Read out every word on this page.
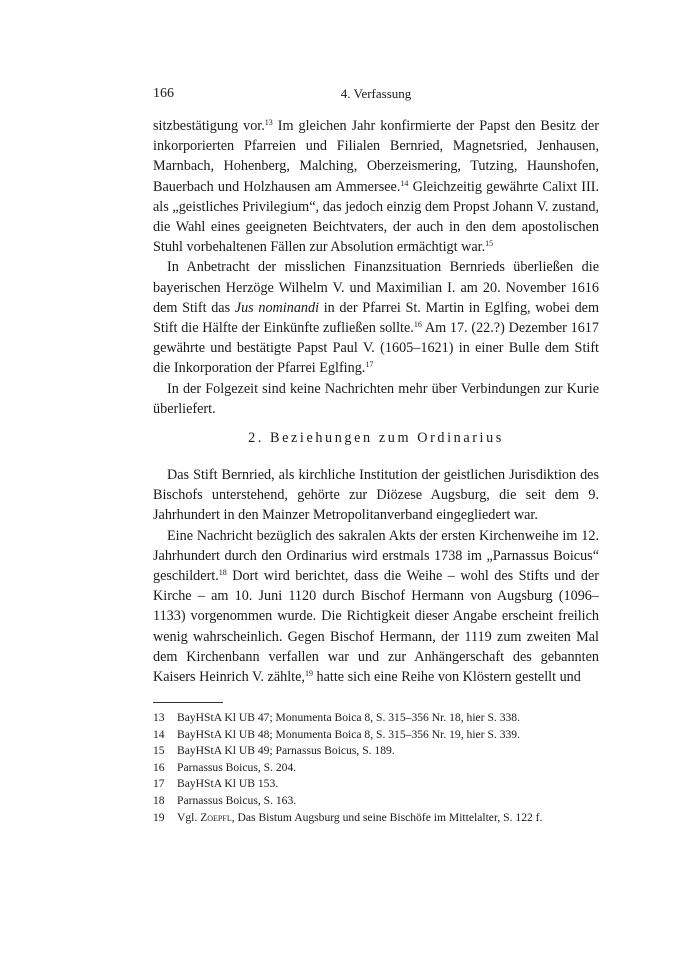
166	4. Verfassung

sitzbestätigung vor.$^{13}$ Im gleichen Jahr konfirmierte der Papst den Besitz der inkorporierten Pfarreien und Filialen Bernried, Magnetsried, Jenhausen, Marnbach, Hohenberg, Malching, Oberzeismering, Tutzing, Haunshofen, Bauerbach und Holzhausen am Ammersee.$^{14}$ Gleichzeitig gewährte Calixt III. als „geistliches Privilegium“, das jedoch einzig dem Propst Johann V. zustand, die Wahl eines geeigneten Beichtvaters, der auch in den dem apostolischen Stuhl vorbehaltenen Fällen zur Absolution ermächtigt war.$^{15}$

In Anbetracht der misslichen Finanzsituation Bernrieds überließen die bayerischen Herzöge Wilhelm V. und Maximilian I. am 20. November 1616 dem Stift das Jus nominandi in der Pfarrei St. Martin in Eglfing, wobei dem Stift die Hälfte der Einkünfte zufließen sollte.$^{16}$ Am 17. (22.?) Dezember 1617 gewährte und bestätigte Papst Paul V. (1605–1621) in einer Bulle dem Stift die Inkorporation der Pfarrei Eglfing.$^{17}$

In der Folgezeit sind keine Nachrichten mehr über Verbindungen zur Kurie überliefert.

2. Beziehungen zum Ordinarius

Das Stift Bernried, als kirchliche Institution der geistlichen Jurisdiktion des Bischofs unterstehend, gehörte zur Diözese Augsburg, die seit dem 9. Jahrhundert in den Mainzer Metropolitanverband eingegliedert war.

Eine Nachricht bezüglich des sakralen Akts der ersten Kirchenweihe im 12. Jahrhundert durch den Ordinarius wird erstmals 1738 im „Parnassus Boicus“ geschildert.$^{18}$ Dort wird berichtet, dass die Weihe – wohl des Stifts und der Kirche – am 10. Juni 1120 durch Bischof Hermann von Augsburg (1096–1133) vorgenommen wurde. Die Richtigkeit dieser Angabe erscheint freilich wenig wahrscheinlich. Gegen Bischof Hermann, der 1119 zum zweiten Mal dem Kirchenbann verfallen war und zur Anhängerschaft des gebannten Kaisers Heinrich V. zählte,$^{19}$ hatte sich eine Reihe von Klöstern gestellt und

13	BayHStA Kl UB 47; Monumenta Boica 8, S. 315–356 Nr. 18, hier S. 338.
14	BayHStA Kl UB 48; Monumenta Boica 8, S. 315–356 Nr. 19, hier S. 339.
15	BayHStA Kl UB 49; Parnassus Boicus, S. 189.
16	Parnassus Boicus, S. 204.
17	BayHStA Kl UB 153.
18	Parnassus Boicus, S. 163.
19	Vgl. Zoepfl, Das Bistum Augsburg und seine Bischöfe im Mittelalter, S. 122 f.
